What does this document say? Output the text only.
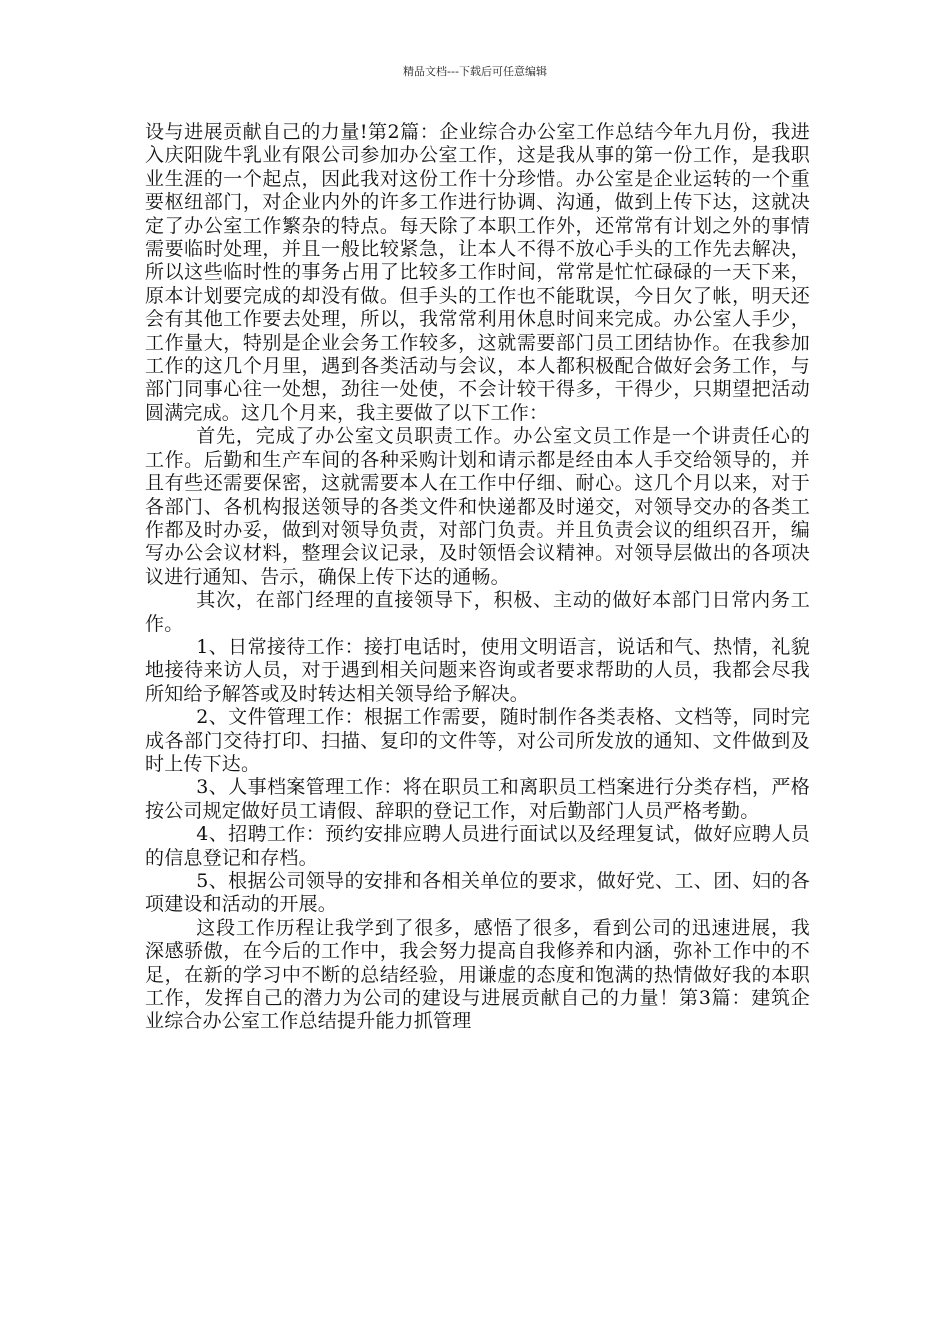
精品文档---下载后可任意编辑

设与进展贡献自己的力量!第2篇：企业综合办公室工作总结今年九月份，我进入庆阳陇牛乳业有限公司参加办公室工作，这是我从事的第一份工作，是我职业生涯的一个起点，因此我对这份工作十分珍惜。办公室是企业运转的一个重要枢纽部门，对企业内外的许多工作进行协调、沟通，做到上传下达，这就决定了办公室工作繁杂的特点。每天除了本职工作外，还常常有计划之外的事情需要临时处理，并且一般比较紧急，让本人不得不放心手头的工作先去解决，所以这些临时性的事务占用了比较多工作时间，常常是忙忙碌碌的一天下来，原本计划要完成的却没有做。但手头的工作也不能耽误，今日欠了帐，明天还会有其他工作要去处理，所以，我常常利用休息时间来完成。办公室人手少，工作量大，特别是企业会务工作较多，这就需要部门员工团结协作。在我参加工作的这几个月里，遇到各类活动与会议，本人都积极配合做好会务工作，与部门同事心往一处想，劲往一处使，不会计较干得多，干得少，只期望把活动圆满完成。这几个月来，我主要做了以下工作：

首先，完成了办公室文员职责工作。办公室文员工作是一个讲责任心的工作。后勤和生产车间的各种采购计划和请示都是经由本人手交给领导的，并且有些还需要保密，这就需要本人在工作中仔细、耐心。这几个月以来，对于各部门、各机构报送领导的各类文件和快递都及时递交，对领导交办的各类工作都及时办妥，做到对领导负责，对部门负责。并且负责会议的组织召开，编写办公会议材料，整理会议记录，及时领悟会议精神。对领导层做出的各项决议进行通知、告示，确保上传下达的通畅。

其次，在部门经理的直接领导下，积极、主动的做好本部门日常内务工作。

1、日常接待工作：接打电话时，使用文明语言，说话和气、热情，礼貌地接待来访人员，对于遇到相关问题来咨询或者要求帮助的人员，我都会尽我所知给予解答或及时转达相关领导给予解决。

2、文件管理工作：根据工作需要，随时制作各类表格、文档等，同时完成各部门交待打印、扫描、复印的文件等，对公司所发放的通知、文件做到及时上传下达。

3、人事档案管理工作：将在职员工和离职员工档案进行分类存档，严格按公司规定做好员工请假、辞职的登记工作，对后勤部门人员严格考勤。

4、招聘工作：预约安排应聘人员进行面试以及经理复试，做好应聘人员的信息登记和存档。

5、根据公司领导的安排和各相关单位的要求，做好党、工、团、妇的各项建设和活动的开展。

这段工作历程让我学到了很多，感悟了很多，看到公司的迅速进展，我深感骄傲，在今后的工作中，我会努力提高自我修养和内涵，弥补工作中的不足，在新的学习中不断的总结经验，用谦虚的态度和饱满的热情做好我的本职工作，发挥自己的潜力为公司的建设与进展贡献自己的力量！第3篇：建筑企业综合办公室工作总结提升能力抓管理
